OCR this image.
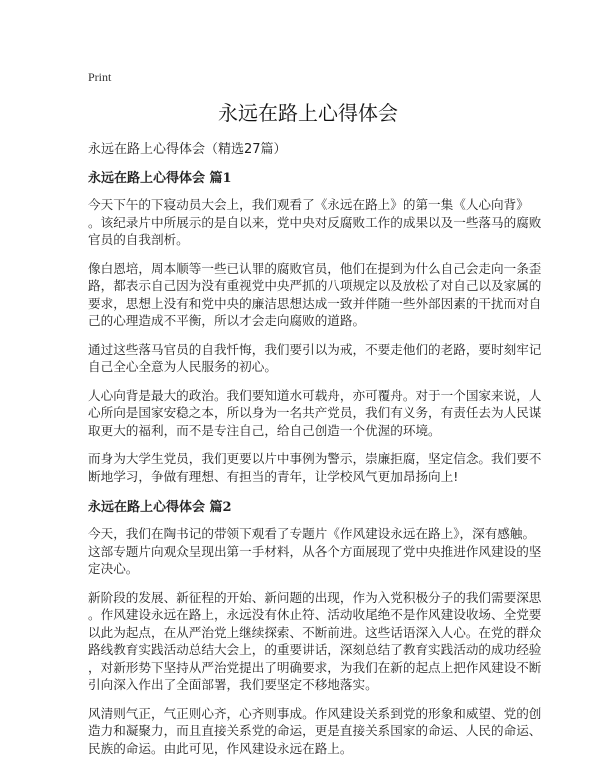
Print
永远在路上心得体会
永远在路上心得体会（精选27篇）
永远在路上心得体会 篇1
今天下午的下寝动员大会上，我们观看了《永远在路上》的第一集《人心向背》
。该纪录片中所展示的是自以来，党中央对反腐败工作的成果以及一些落马的腐败
官员的自我剖析。
像白恩培，周本顺等一些已认罪的腐败官员，他们在提到为什么自己会走向一条歪
路，都表示自己因为没有重视党中央严抓的八项规定以及放松了对自己以及家属的
要求，思想上没有和党中央的廉洁思想达成一致并伴随一些外部因素的干扰而对自
己的心理造成不平衡，所以才会走向腐败的道路。
通过这些落马官员的自我忏悔，我们要引以为戒，不要走他们的老路，要时刻牢记
自己全心全意为人民服务的初心。
人心向背是最大的政治。我们要知道水可载舟，亦可覆舟。对于一个国家来说，人
心所向是国家安稳之本，所以身为一名共产党员，我们有义务，有责任去为人民谋
取更大的福利，而不是专注自己，给自己创造一个优渥的环境。
而身为大学生党员，我们更要以片中事例为警示，崇廉拒腐，坚定信念。我们要不
断地学习，争做有理想、有担当的青年，让学校风气更加昂扬向上!
永远在路上心得体会 篇2
今天，我们在陶书记的带领下观看了专题片《作风建设永远在路上》，深有感触。
这部专题片向观众呈现出第一手材料，从各个方面展现了党中央推进作风建设的坚
定决心。
新阶段的发展、新征程的开始、新问题的出现，作为入党积极分子的我们需要深思
。作风建设永远在路上，永远没有休止符、活动收尾绝不是作风建设收场、全党要
以此为起点，在从严治党上继续探索、不断前进。这些话语深入人心。在党的群众
路线教育实践活动总结大会上，的重要讲话，深刻总结了教育实践活动的成功经验
，对新形势下坚持从严治党提出了明确要求，为我们在新的起点上把作风建设不断
引向深入作出了全面部署，我们要坚定不移地落实。
风清则气正，气正则心齐，心齐则事成。作风建设关系到党的形象和威望、党的创
造力和凝聚力，而且直接关系党的命运，更是直接关系国家的命运、人民的命运、
民族的命运。由此可见，作风建设永远在路上。
